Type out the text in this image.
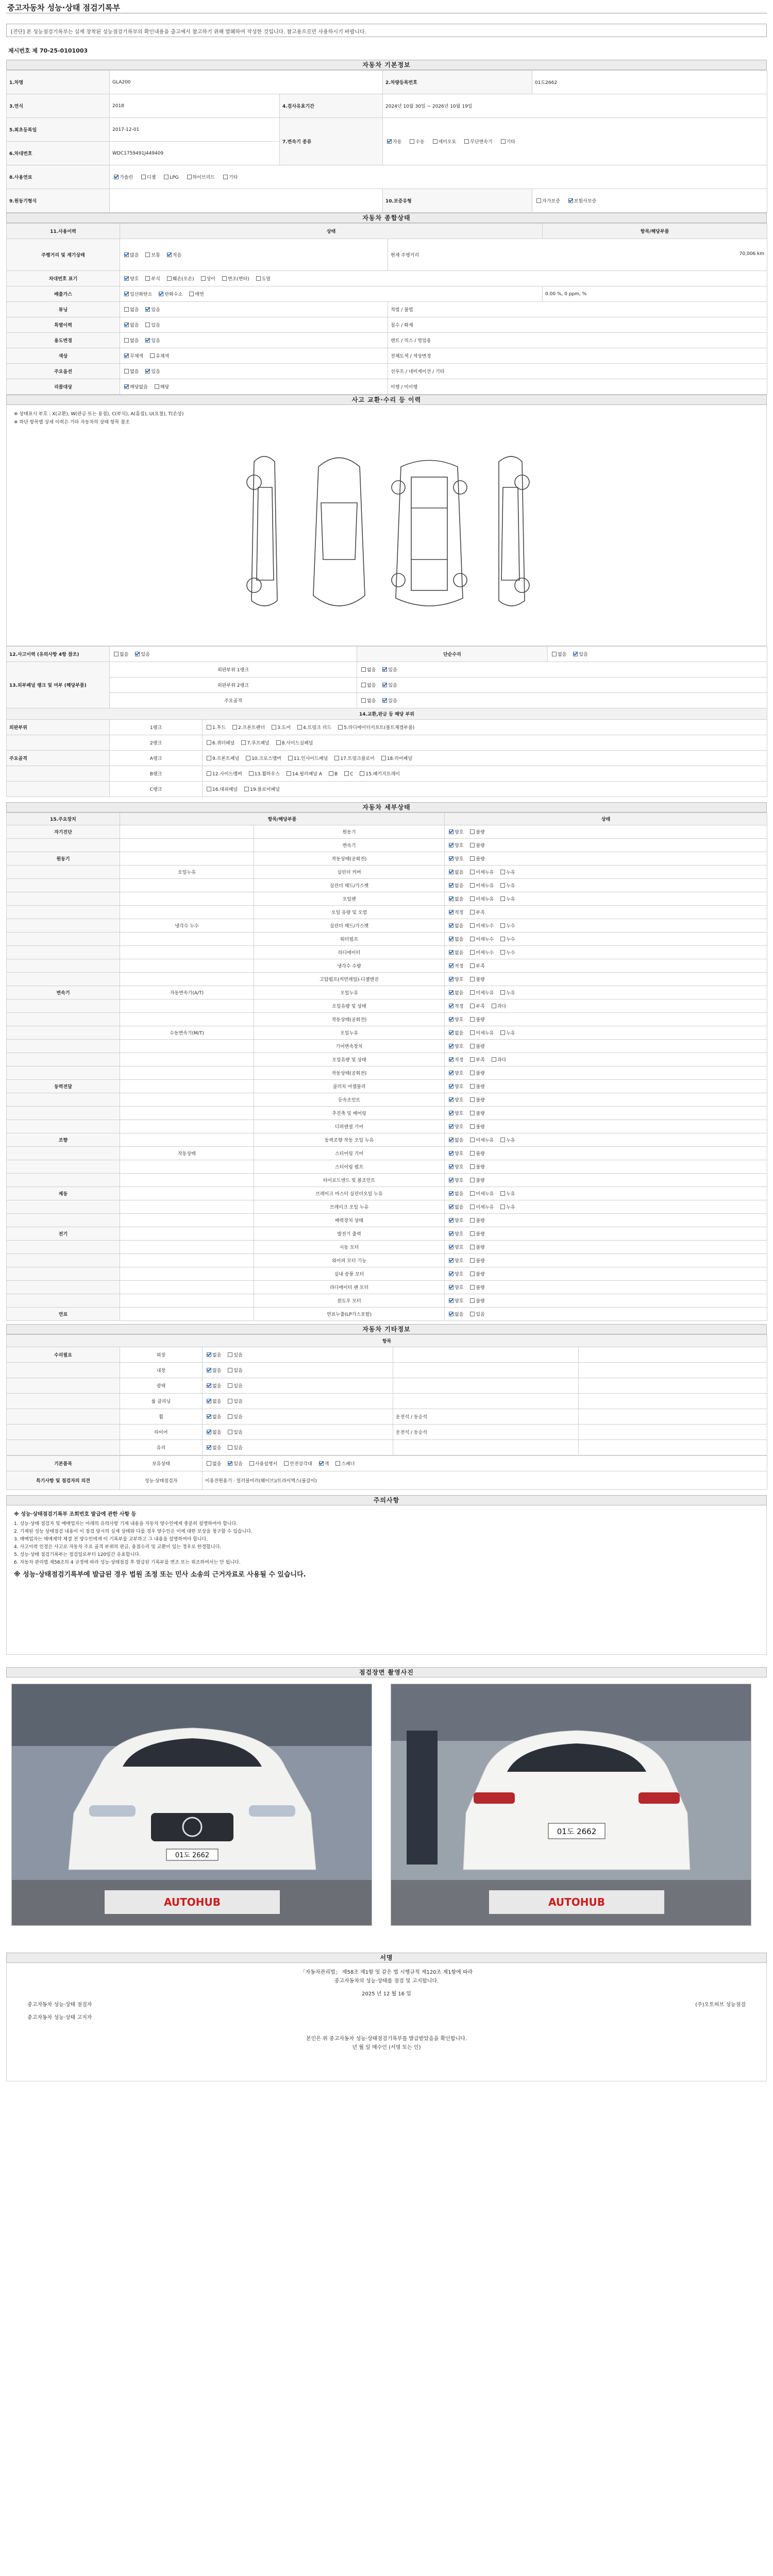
중고자동차 성능·상태 점검기록부
[진단] 본 성능점검기록부는 실제 장착된 성능점검기록부의 확인내용을 출고에서 참고하기 위해 발췌하여 작성한 것입니다. 참고용으로만 사용하시기 바랍니다.
제시번호 제 70-25-0101003
자동차 기본정보
1.차명	GLA200		2.차량등록번호	01도2662
3.연식	2018	4.검사유효기간	2024년 10월 30일 ~ 2026년 10월 19일	
5.최초등록일	2017-12-01	7.변속기 종류	자동 수동 세미오토 무단변속기 기타	
6.차대번호	WDC1759491J449409			
8.사용연료	가솔린 디젤 LPG 하이브리드 기타			
9.원동기형식			10.보증유형	자가보증 보험사보증
자동차 종합상태
11.사용이력	상태		항목/해당부품
주행거리 및 계기상태	많음 보통 적음	현재 주행거리 70,006 km	

차대번호 표기	양호 부식 훼손(오손) 상이 변조(변타) 도말		
배출가스	일산화탄소 탄화수소 매연		0.00 %, 0 ppm, %
튜닝	없음 있음	적법 / 불법	
특별이력	없음 있음	침수 / 화재	
용도변경	없음 있음	렌트 / 리스 / 영업용	
색상	무채색 유채색	전체도색 / 색상변경	
주요옵션	없음 있음	선루프 / 네비게이션 / 기타	
리콜대상	해당없음 해당	이행 / 미이행	
사고 교환·수리 등 이력
※ 상태표시 부호 : X(교환), W(판금 또는 용접), C(부식), A(흠집), U(요철), T(손상)
※ 하단 항목별 상세 이력은 기타 자동차의 상태 항목 참조
12.사고이력 (유의사항 4항 참조)	없음 있음		단순수리	없음 있음
13.외부패널 랭크 및 여부 (해당부품)	외판부위 1랭크		없음 있음	
	외판부위 2랭크		없음 있음	
	주요골격		없음 있음	
14.교환,판금 등 해당 부위				
외판부위	1랭크	1.후드 2.프론트펜더 3.도어 4.트렁크 리드 5.라디에이터서포트(볼트체결부품)		
	2랭크	6.쿼터패널 7.루프패널 8.사이드실패널		
주요골격	A랭크	9.프론트패널 10.크로스멤버 11.인사이드패널 17.트렁크플로어 18.리어패널		
	B랭크	12.사이드멤버 13.휠하우스 14.필러패널 A B C 15.패키지트레이		
	C랭크	16.대쉬패널 19.플로어패널		
자동차 세부상태
15.주요장치	항목/해당부품		상태
자기진단		원동기	양호 불량
		변속기	양호 불량
원동기		작동상태(공회전)	양호 불량
	오일누유	실린더 커버	없음 미세누유 누유
		실린더 헤드/가스켓	없음 미세누유 누유
		오일팬	없음 미세누유 누유
		오일 유량 및 오염	적정 부족
	냉각수 누수	실린더 헤드/가스켓	없음 미세누수 누수
		워터펌프	없음 미세누수 누수
		라디에이터	없음 미세누수 누수
		냉각수 수량	적정 부족
		고압펌프(커먼레일)-디젤엔진	양호 불량
변속기	자동변속기(A/T)	오일누유	없음 미세누유 누유
		오일유량 및 상태	적정 부족 과다
		작동상태(공회전)	양호 불량
	수동변속기(M/T)	오일누유	없음 미세누유 누유
		기어변속장치	양호 불량
		오일유량 및 상태	적정 부족 과다
		작동상태(공회전)	양호 불량
동력전달		클러치 어셈블리	양호 불량
		등속조인트	양호 불량
		추진축 및 베어링	양호 불량
		디퍼렌셜 기어	양호 불량
조향		동력조향 작동 오일 누유	없음 미세누유 누유
	작동상태	스티어링 기어	양호 불량
		스티어링 펌프	양호 불량
		타이로드엔드 및 볼조인트	양호 불량
제동		브레이크 마스터 실린더오일 누유	없음 미세누유 누유
		브레이크 오일 누유	없음 미세누유 누유
		배력장치 상태	양호 불량
전기		발전기 출력	양호 불량
		시동 모터	양호 불량
		와이퍼 모터 기능	양호 불량
		실내 송풍 모터	양호 불량
		라디에이터 팬 모터	양호 불량
		윈도우 모터	양호 불량
연료		연료누출(LP가스포함)	없음 있음
자동차 기타정보
항목				
수리필요	외장	없음 있음		
	내장	없음 있음		
	광택	없음 있음		
	룸 클리닝	없음 있음		
	휠	없음 있음	운전석 / 동승석	
	타이어	없음 있음	운전석 / 동승석	
	유리	없음 있음		
기본품목	보유상태	없음 있음 사용설명서 안전삼각대 잭 스패너
특기사항 및 점검자의 의견	성능·상태점검자	이용전원용기 · 밀러블미러(웨이브)/트라이엑스(물갈이)
주의사항
※ 성능·상태점검기록부 조회번호 발급에 관한 사항 등
1. 성능·상태 점검자 및 매매업자는 아래의 유의사항 기재 내용을 자동차 양수인에게 충분히 설명하여야 합니다.
2. 기재된 성능 상태점검 내용이 이 점검 당시의 실제 상태와 다를 경우 양수인은 이에 대한 보상을 청구할 수 있습니다.
3. 매매업자는 매매계약 체결 전 양수인에게 이 기록부를 교부하고 그 내용을 설명하여야 합니다.
4. 사고이력 인정은 사고로 자동차 주요 골격 부위의 판금, 용접수리 및 교환이 있는 경우로 한정합니다.
5. 성능·상태 점검기록부는 점검일로부터 120일간 유효합니다.
6. 자동차 관리법 제58조의 4 규정에 따라 성능·상태점검 후 발급된 기록부를 변조 또는 위조하여서는 안 됩니다.
※ 성능·상태점검기록부에 발급된 경우 법원 조정 또는 민사 소송의 근거자료로 사용될 수 있습니다.
점검장면 촬영사진
01도 2662
AUTOHUB
01도 2662
AUTOHUB
서명
「자동차관리법」 제58조 제1항 및 같은 법 시행규칙 제120조 제1항에 따라
중고자동차의 성능·상태를 점검 및 고지합니다.
2025 년 12 월 16 일
중고자동차 성능·상태 점검자	(주)오토허브 성능점검
중고자동차 성능·상태 고지자
본인은 위 중고자동차 성능·상태점검기록부를 발급받았음을 확인합니다.
년 월 일 매수인 (서명 또는 인)
